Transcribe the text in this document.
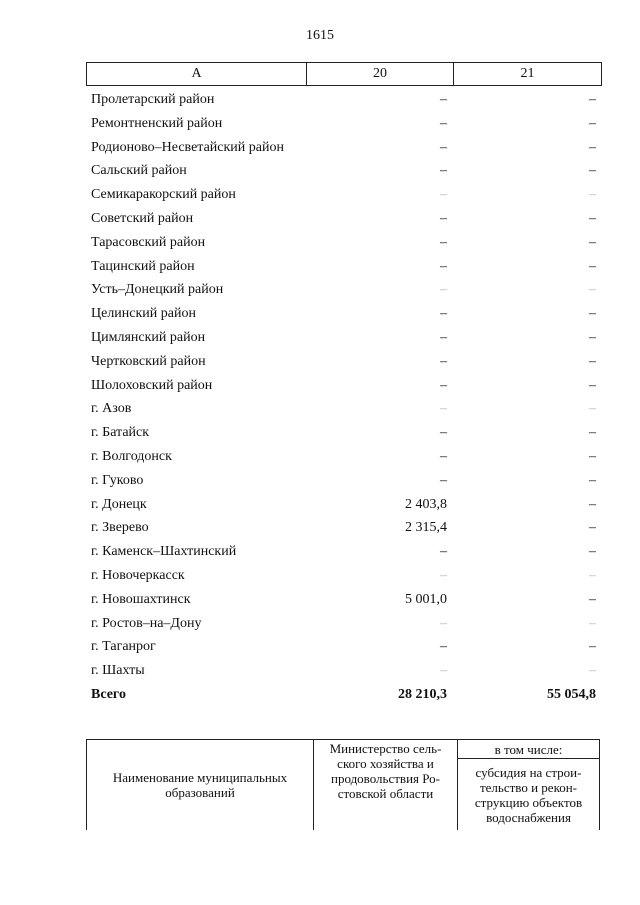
1615
А	20	21
Пролетарский район	–	–
Ремонтненский район	–	–
Родионово–Несветайский район	–	–
Сальский район	–	–
Семикаракорский район	–	–
Советский район	–	–
Тарасовский район	–	–
Тацинский район	–	–
Усть–Донецкий район	–	–
Целинский район	–	–
Цимлянский район	–	–
Чертковский район	–	–
Шолоховский район	–	–
г. Азов	–	–
г. Батайск	–	–
г. Волгодонск	–	–
г. Гуково	–	–
г. Донецк	2 403,8	–
г. Зверево	2 315,4	–
г. Каменск–Шахтинский	–	–
г. Новочеркасск	–	–
г. Новошахтинск	5 001,0	–
г. Ростов–на–Дону	–	–
г. Таганрог	–	–
г. Шахты	–	–
Всего	28 210,3	55 054,8
Наименование муниципальных образований	Министерство сель- ского хозяйства и продовольствия Ро- стовской области	в том числе:
субсидия на строи- тельство и рекон- струкцию объектов водоснабжения
